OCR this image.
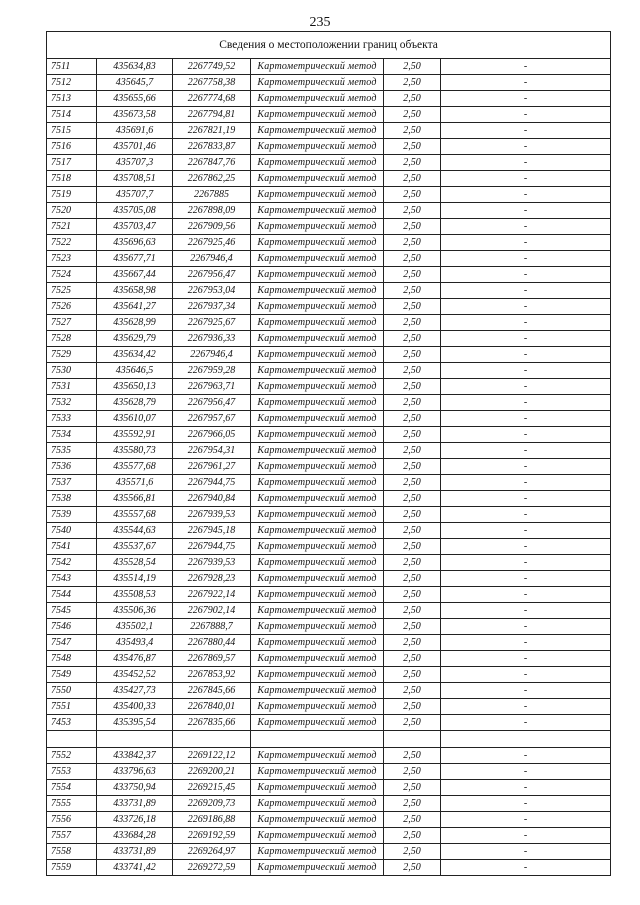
235
Сведения о местоположении границ объекта					
7511	435634,83	2267749,52	Картометрический метод	2,50	-
7512	435645,7	2267758,38	Картометрический метод	2,50	-
7513	435655,66	2267774,68	Картометрический метод	2,50	-
7514	435673,58	2267794,81	Картометрический метод	2,50	-
7515	435691,6	2267821,19	Картометрический метод	2,50	-
7516	435701,46	2267833,87	Картометрический метод	2,50	-
7517	435707,3	2267847,76	Картометрический метод	2,50	-
7518	435708,51	2267862,25	Картометрический метод	2,50	-
7519	435707,7	2267885	Картометрический метод	2,50	-
7520	435705,08	2267898,09	Картометрический метод	2,50	-
7521	435703,47	2267909,56	Картометрический метод	2,50	-
7522	435696,63	2267925,46	Картометрический метод	2,50	-
7523	435677,71	2267946,4	Картометрический метод	2,50	-
7524	435667,44	2267956,47	Картометрический метод	2,50	-
7525	435658,98	2267953,04	Картометрический метод	2,50	-
7526	435641,27	2267937,34	Картометрический метод	2,50	-
7527	435628,99	2267925,67	Картометрический метод	2,50	-
7528	435629,79	2267936,33	Картометрический метод	2,50	-
7529	435634,42	2267946,4	Картометрический метод	2,50	-
7530	435646,5	2267959,28	Картометрический метод	2,50	-
7531	435650,13	2267963,71	Картометрический метод	2,50	-
7532	435628,79	2267956,47	Картометрический метод	2,50	-
7533	435610,07	2267957,67	Картометрический метод	2,50	-
7534	435592,91	2267966,05	Картометрический метод	2,50	-
7535	435580,73	2267954,31	Картометрический метод	2,50	-
7536	435577,68	2267961,27	Картометрический метод	2,50	-
7537	435571,6	2267944,75	Картометрический метод	2,50	-
7538	435566,81	2267940,84	Картометрический метод	2,50	-
7539	435557,68	2267939,53	Картометрический метод	2,50	-
7540	435544,63	2267945,18	Картометрический метод	2,50	-
7541	435537,67	2267944,75	Картометрический метод	2,50	-
7542	435528,54	2267939,53	Картометрический метод	2,50	-
7543	435514,19	2267928,23	Картометрический метод	2,50	-
7544	435508,53	2267922,14	Картометрический метод	2,50	-
7545	435506,36	2267902,14	Картометрический метод	2,50	-
7546	435502,1	2267888,7	Картометрический метод	2,50	-
7547	435493,4	2267880,44	Картометрический метод	2,50	-
7548	435476,87	2267869,57	Картометрический метод	2,50	-
7549	435452,52	2267853,92	Картометрический метод	2,50	-
7550	435427,73	2267845,66	Картометрический метод	2,50	-
7551	435400,33	2267840,01	Картометрический метод	2,50	-
7453	435395,54	2267835,66	Картометрический метод	2,50	-

7552	433842,37	2269122,12	Картометрический метод	2,50	-
7553	433796,63	2269200,21	Картометрический метод	2,50	-
7554	433750,94	2269215,45	Картометрический метод	2,50	-
7555	433731,89	2269209,73	Картометрический метод	2,50	-
7556	433726,18	2269186,88	Картометрический метод	2,50	-
7557	433684,28	2269192,59	Картометрический метод	2,50	-
7558	433731,89	2269264,97	Картометрический метод	2,50	-
7559	433741,42	2269272,59	Картометрический метод	2,50	-
